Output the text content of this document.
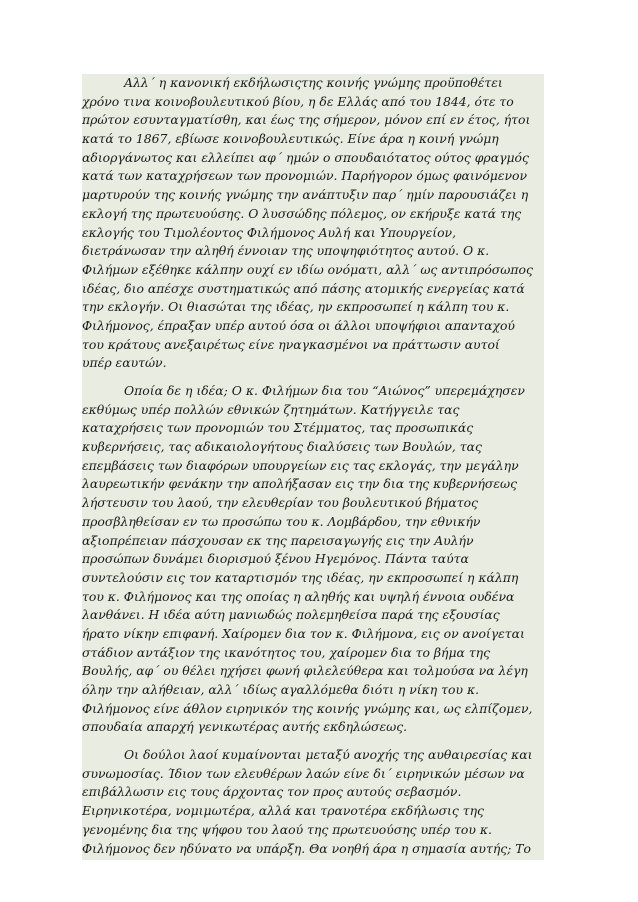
Αλλ΄ η κανονική εκδήλωσιςτης κοινής γνώμης προϋποθέτει
χρόνο τινα κοινοβουλευτικού βίου, η δε Ελλάς από του 1844, ότε το
πρώτον εσυνταγματίσθη, και έως της σήμερον, μόνον επί εν έτος, ήτοι
κατά το 1867, εβίωσε κοινοβουλευτικώς. Είνε άρα η κοινή γνώμη
αδιοργάνωτος και ελλείπει αφ΄ ημών ο σπουδαιότατος ούτος φραγμός
κατά των καταχρήσεων των προνομιών. Παρήγορον όμως φαινόμενον
μαρτυρούν της κοινής γνώμης την ανάπτυξιν παρ΄ ημίν παρουσιάζει η
εκλογή της πρωτευούσης. Ο λυσσώδης πόλεμος, ον εκήρυξε κατά της
εκλογής του Τιμολέοντος Φιλήμονος Αυλή και Υπουργείον,
διετράνωσαν την αληθή έννοιαν της υποψηφιότητος αυτού. Ο κ.
Φιλήμων εξέθηκε κάλπην ουχί εν ιδίω ονόματι, αλλ΄ ως αντιπρόσωπος
ιδέας, διο απέσχε συστηματικώς από πάσης ατομικής ενεργείας κατά
την εκλογήν. Οι θιασώται της ιδέας, ην εκπροσωπεί η κάλπη του κ.
Φιλήμονος, έπραξαν υπέρ αυτού όσα οι άλλοι υποψήφιοι απανταχού
του κράτους ανεξαιρέτως είνε ηναγκασμένοι να πράττωσιν αυτοί
υπέρ εαυτών.

Οποία δε η ιδέα; Ο κ. Φιλήμων δια του “Αιώνος” υπερεμάχησεν
εκθύμως υπέρ πολλών εθνικών ζητημάτων. Κατήγγειλε τας
καταχρήσεις των προνομιών του Στέμματος, τας προσωπικάς
κυβερνήσεις, τας αδικαιολογήτους διαλύσεις των Βουλών, τας
επεμβάσεις των διαφόρων υπουργείων εις τας εκλογάς, την μεγάλην
λαυρεωτικήν φενάκην την απολήξασαν εις την δια της κυβερνήσεως
λήστευσιν του λαού, την ελευθερίαν του βουλευτικού βήματος
προσβληθείσαν εν τω προσώπω του κ. Λομβάρδου, την εθνικήν
αξιοπρέπειαν πάσχουσαν εκ της παρεισαγωγής εις την Αυλήν
προσώπων δυνάμει διορισμού ξένου Ηγεμόνος. Πάντα ταύτα
συντελούσιν εις τον καταρτισμόν της ιδέας, ην εκπροσωπεί η κάλπη
του κ. Φιλήμονος και της οποίας η αληθής και υψηλή έννοια ουδένα
λανθάνει. Η ιδέα αύτη μανιωδώς πολεμηθείσα παρά της εξουσίας
ήρατο νίκην επιφανή. Χαίρομεν δια τον κ. Φιλήμονα, εις ον ανοίγεται
στάδιον αντάξιον της ικανότητος του, χαίρομεν δια το βήμα της
Βουλής, αφ΄ ου θέλει ηχήσει φωνή φιλελεύθερα και τολμούσα να λέγη
όλην την αλήθειαν, αλλ΄ ιδίως αγαλλόμεθα διότι η νίκη του κ.
Φιλήμονος είνε άθλον ειρηνικόν της κοινής γνώμης και, ως ελπίζομεν,
σπουδαία απαρχή γενικωτέρας αυτής εκδηλώσεως.

Οι δούλοι λαοί κυμαίνονται μεταξύ ανοχής της αυθαιρεσίας και
συνωμοσίας. Ίδιον των ελευθέρων λαών είνε δι΄ ειρηνικών μέσων να
επιβάλλωσιν εις τους άρχοντας τον προς αυτούς σεβασμόν.
Ειρηνικοτέρα, νομιμωτέρα, αλλά και τρανοτέρα εκδήλωσις της
γενομένης δια της ψήφου του λαού της πρωτευούσης υπέρ του κ.
Φιλήμονος δεν ηδύνατο να υπάρξη. Θα νοηθή άρα η σημασία αυτής; Το
